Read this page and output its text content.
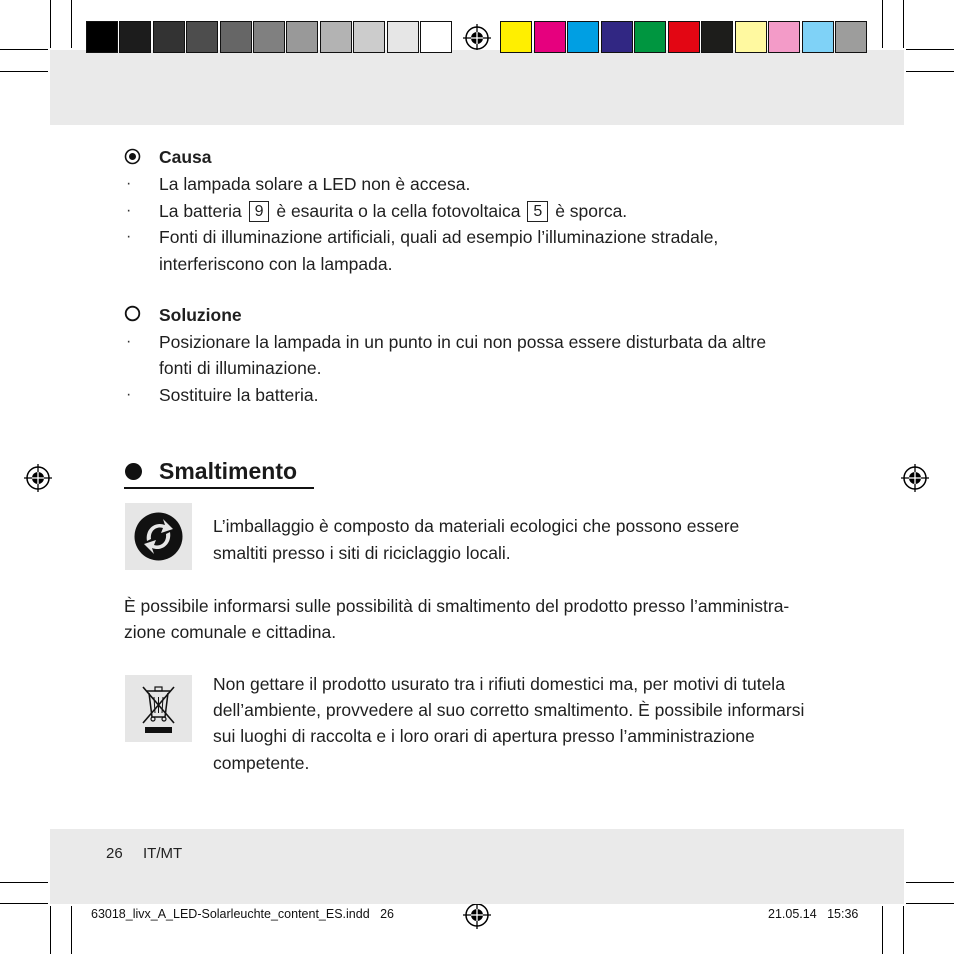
Causa
· La lampada solare a LED non è accesa.
· La batteria 9 è esaurita o la cella fotovoltaica 5 è sporca.
· Fonti di illuminazione artificiali, quali ad esempio l’illuminazione stradale,
interferiscono con la lampada.
Soluzione
· Posizionare la lampada in un punto in cui non possa essere disturbata da altre
fonti di illuminazione.
· Sostituire la batteria.
Smaltimento
L’imballaggio è composto da materiali ecologici che possono essere
smaltiti presso i siti di riciclaggio locali.
È possibile informarsi sulle possibilità di smaltimento del prodotto presso l’amministra-
zione comunale e cittadina.
Non gettare il prodotto usurato tra i rifiuti domestici ma, per motivi di tutela
dell’ambiente, provvedere al suo corretto smaltimento. È possibile informarsi
sui luoghi di raccolta e i loro orari di apertura presso l’amministrazione
competente.
26 IT/MT
63018_livx_A_LED-Solarleuchte_content_ES.indd   26	21.05.14   15:36
